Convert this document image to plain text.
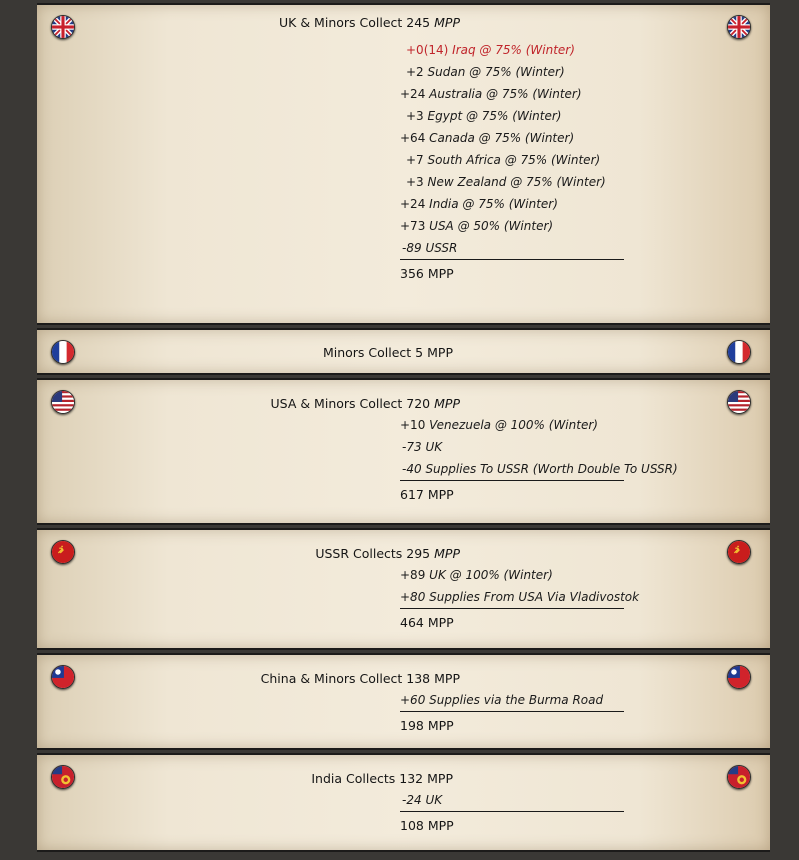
UK & Minors Collect 245 MPP
+0(14) Iraq @ 75% (Winter)
+2 Sudan @ 75% (Winter)
+24 Australia @ 75% (Winter)
+3 Egypt @ 75% (Winter)
+64 Canada @ 75% (Winter)
+7 South Africa @ 75% (Winter)
+3 New Zealand @ 75% (Winter)
+24 India @ 75% (Winter)
+73 USA @ 50% (Winter)
-89 USSR
356 MPP
Minors Collect 5 MPP
USA & Minors Collect 720 MPP
+10 Venezuela @ 100% (Winter)
-73 UK
-40 Supplies To USSR (Worth Double To USSR)
617 MPP
USSR Collects 295 MPP
+89 UK @ 100% (Winter)
+80 Supplies From USA Via Vladivostok
464 MPP
China & Minors Collect 138 MPP
+60 Supplies via the Burma Road
198 MPP
India Collects 132 MPP
-24 UK
108 MPP
